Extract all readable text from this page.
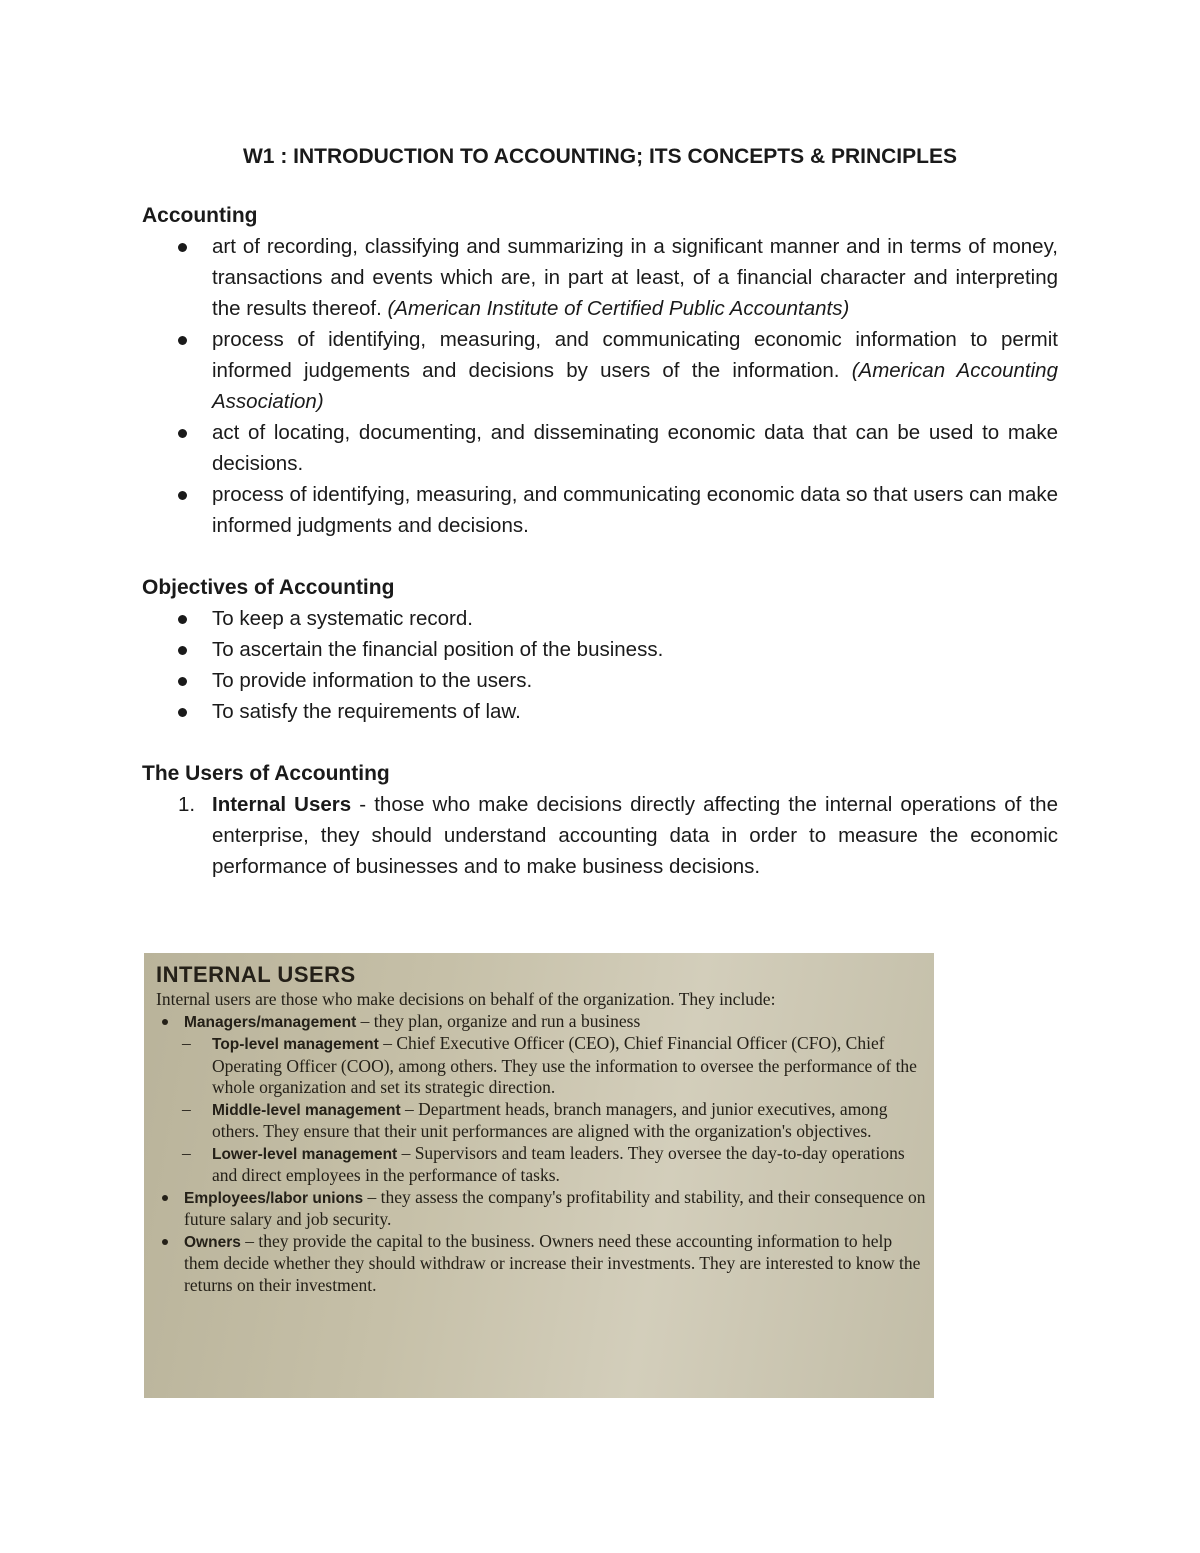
W1 : INTRODUCTION TO ACCOUNTING; ITS CONCEPTS & PRINCIPLES
Accounting
art of recording, classifying and summarizing in a significant manner and in terms of money, transactions and events which are, in part at least, of a financial character and interpreting the results thereof. (American Institute of Certified Public Accountants)
process of identifying, measuring, and communicating economic information to permit informed judgements and decisions by users of the information. (American Accounting Association)
act of locating, documenting, and disseminating economic data that can be used to make decisions.
process of identifying, measuring, and communicating economic data so that users can make informed judgments and decisions.
Objectives of Accounting
To keep a systematic record.
To ascertain the financial position of the business.
To provide information to the users.
To satisfy the requirements of law.
The Users of Accounting
1. Internal Users - those who make decisions directly affecting the internal operations of the enterprise, they should understand accounting data in order to measure the economic performance of businesses and to make business decisions.

INTERNAL USERS

Internal users are those who make decisions on behalf of the organization. They include:

Managers/management – they plan, organize and run a business
– Top-level management – Chief Executive Officer (CEO), Chief Financial Officer (CFO), Chief Operating Officer (COO), among others. They use the information to oversee the performance of the whole organization and set its strategic direction.
– Middle-level management – Department heads, branch managers, and junior executives, among others. They ensure that their unit performances are aligned with the organization's objectives.
– Lower-level management – Supervisors and team leaders. They oversee the day-to-day operations and direct employees in the performance of tasks.
Employees/labor unions – they assess the company's profitability and stability, and their consequence on future salary and job security.
Owners – they provide the capital to the business. Owners need these accounting information to help them decide whether they should withdraw or increase their investments. They are interested to know the returns on their investment.
